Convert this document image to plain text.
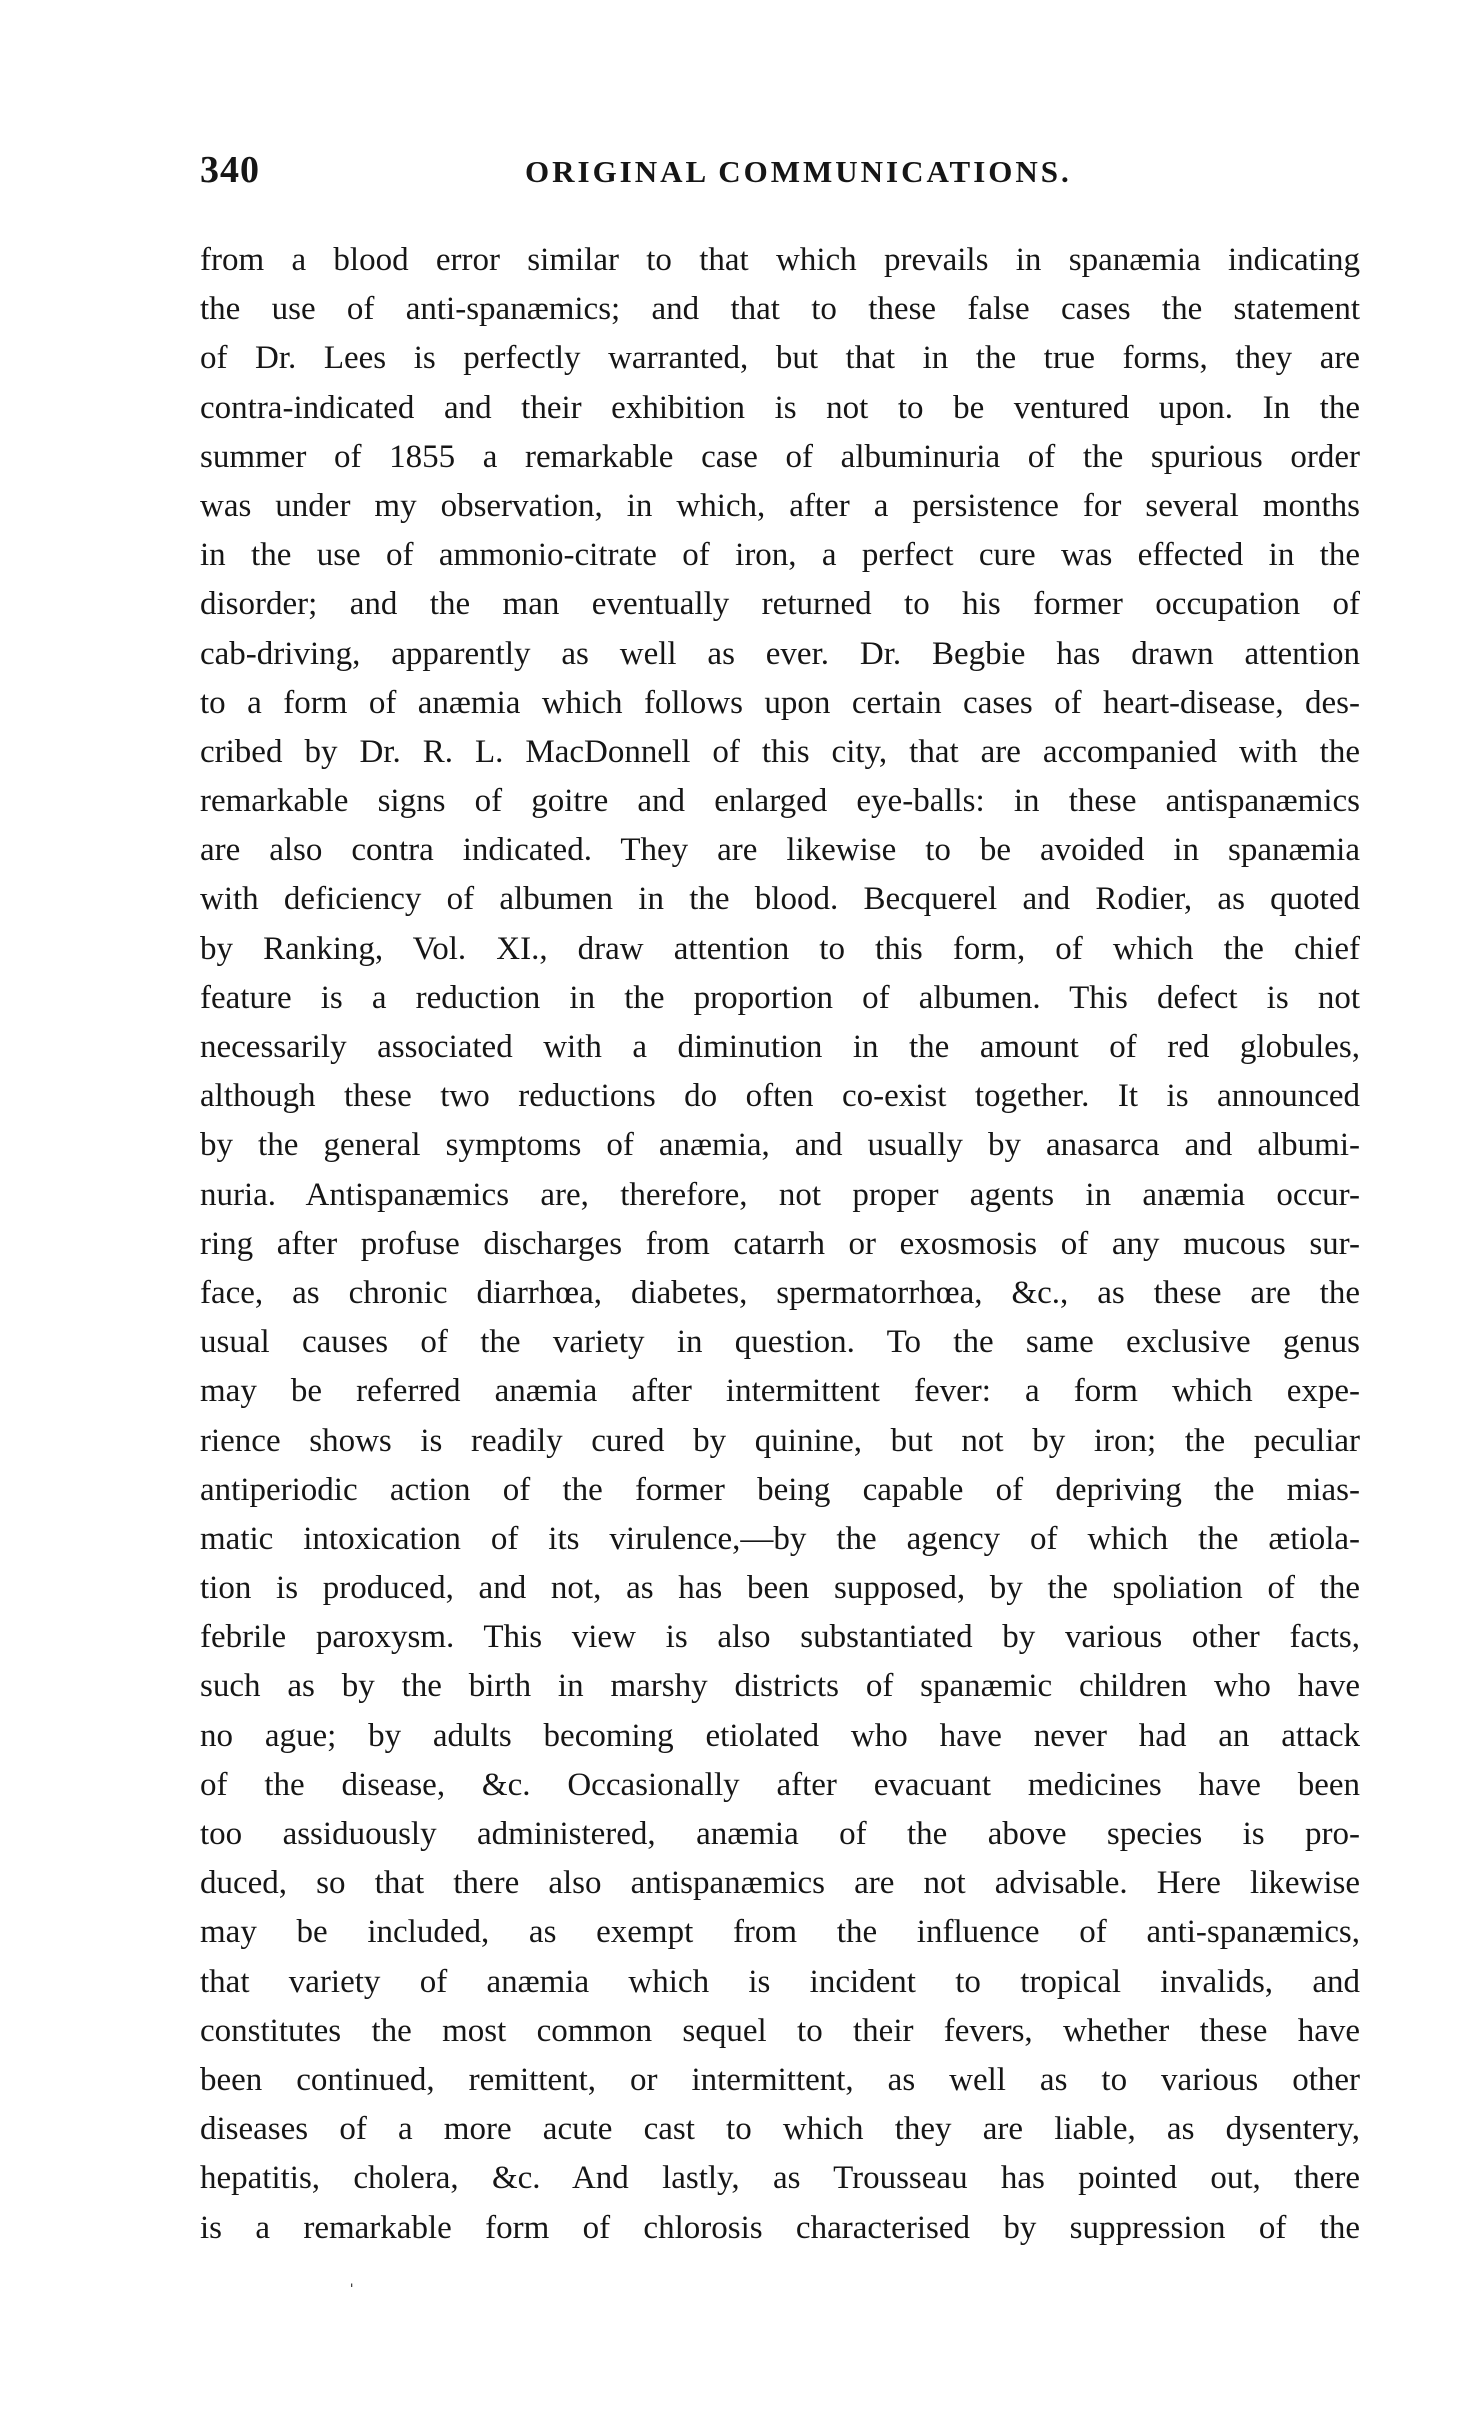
340	ORIGINAL COMMUNICATIONS.
from a blood error similar to that which prevails in spanæmia indicating
the use of anti-spanæmics; and that to these false cases the statement
of Dr. Lees is perfectly warranted, but that in the true forms, they are
contra-indicated and their exhibition is not to be ventured upon. In the
summer of 1855 a remarkable case of albuminuria of the spurious order
was under my observation, in which, after a persistence for several months
in the use of ammonio-citrate of iron, a perfect cure was effected in the
disorder; and the man eventually returned to his former occupation of
cab-driving, apparently as well as ever. Dr. Begbie has drawn attention
to a form of anæmia which follows upon certain cases of heart-disease, des-
cribed by Dr. R. L. MacDonnell of this city, that are accompanied with the
remarkable signs of goitre and enlarged eye-balls: in these antispanæmics
are also contra indicated. They are likewise to be avoided in spanæmia
with deficiency of albumen in the blood. Becquerel and Rodier, as quoted
by Ranking, Vol. XI., draw attention to this form, of which the chief
feature is a reduction in the proportion of albumen. This defect is not
necessarily associated with a diminution in the amount of red globules,
although these two reductions do often co-exist together. It is announced
by the general symptoms of anæmia, and usually by anasarca and albumi-
nuria. Antispanæmics are, therefore, not proper agents in anæmia occur-
ring after profuse discharges from catarrh or exosmosis of any mucous sur-
face, as chronic diarrhœa, diabetes, spermatorrhœa, &c., as these are the
usual causes of the variety in question. To the same exclusive genus
may be referred anæmia after intermittent fever: a form which expe-
rience shows is readily cured by quinine, but not by iron; the peculiar
antiperiodic action of the former being capable of depriving the mias-
matic intoxication of its virulence,—by the agency of which the ætiola-
tion is produced, and not, as has been supposed, by the spoliation of the
febrile paroxysm. This view is also substantiated by various other facts,
such as by the birth in marshy districts of spanæmic children who have
no ague; by adults becoming etiolated who have never had an attack
of the disease, &c. Occasionally after evacuant medicines have been
too assiduously administered, anæmia of the above species is pro-
duced, so that there also antispanæmics are not advisable. Here likewise
may be included, as exempt from the influence of anti-spanæmics,
that variety of anæmia which is incident to tropical invalids, and
constitutes the most common sequel to their fevers, whether these have
been continued, remittent, or intermittent, as well as to various other
diseases of a more acute cast to which they are liable, as dysentery,
hepatitis, cholera, &c. And lastly, as Trousseau has pointed out, there
is a remarkable form of chlorosis characterised by suppression of the
ˌ
